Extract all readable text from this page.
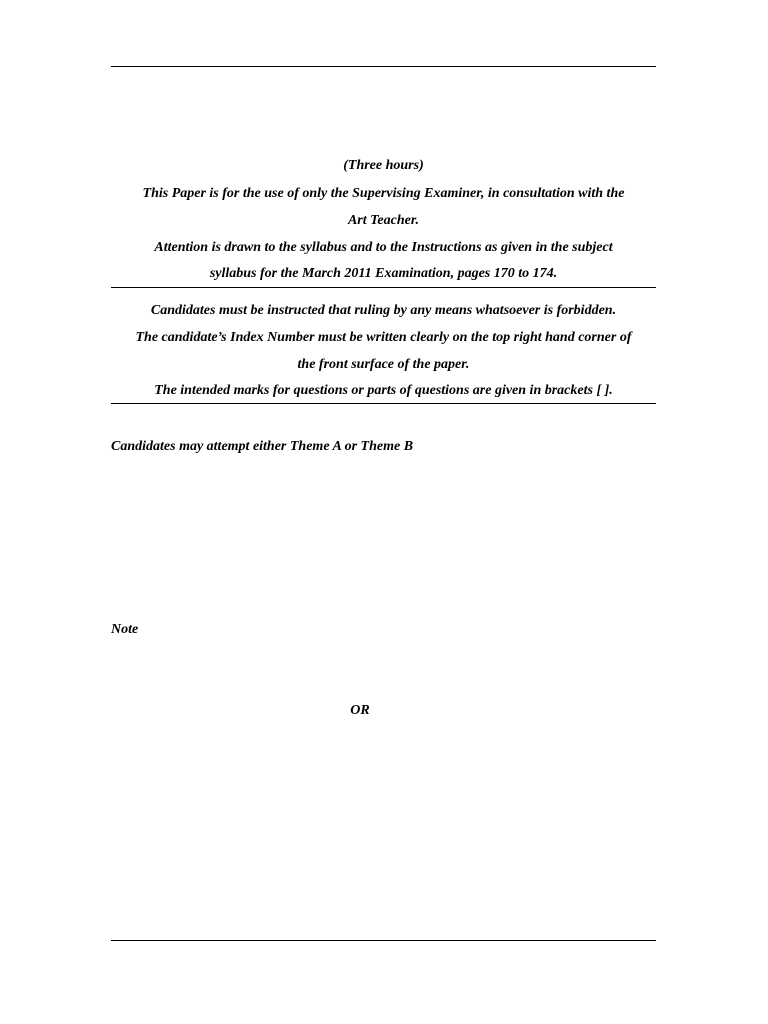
(Three hours)
This Paper is for the use of only the Supervising Examiner, in consultation with the
Art Teacher.
Attention is drawn to the syllabus and to the Instructions as given in the subject
syllabus for the March 2011 Examination, pages 170 to 174.
Candidates must be instructed that ruling by any means whatsoever is forbidden.
The candidate’s Index Number must be written clearly on the top right hand corner of
the front surface of the paper.
The intended marks for questions or parts of questions are given in brackets [ ].
Candidates may attempt either Theme A or Theme B
Note
OR
